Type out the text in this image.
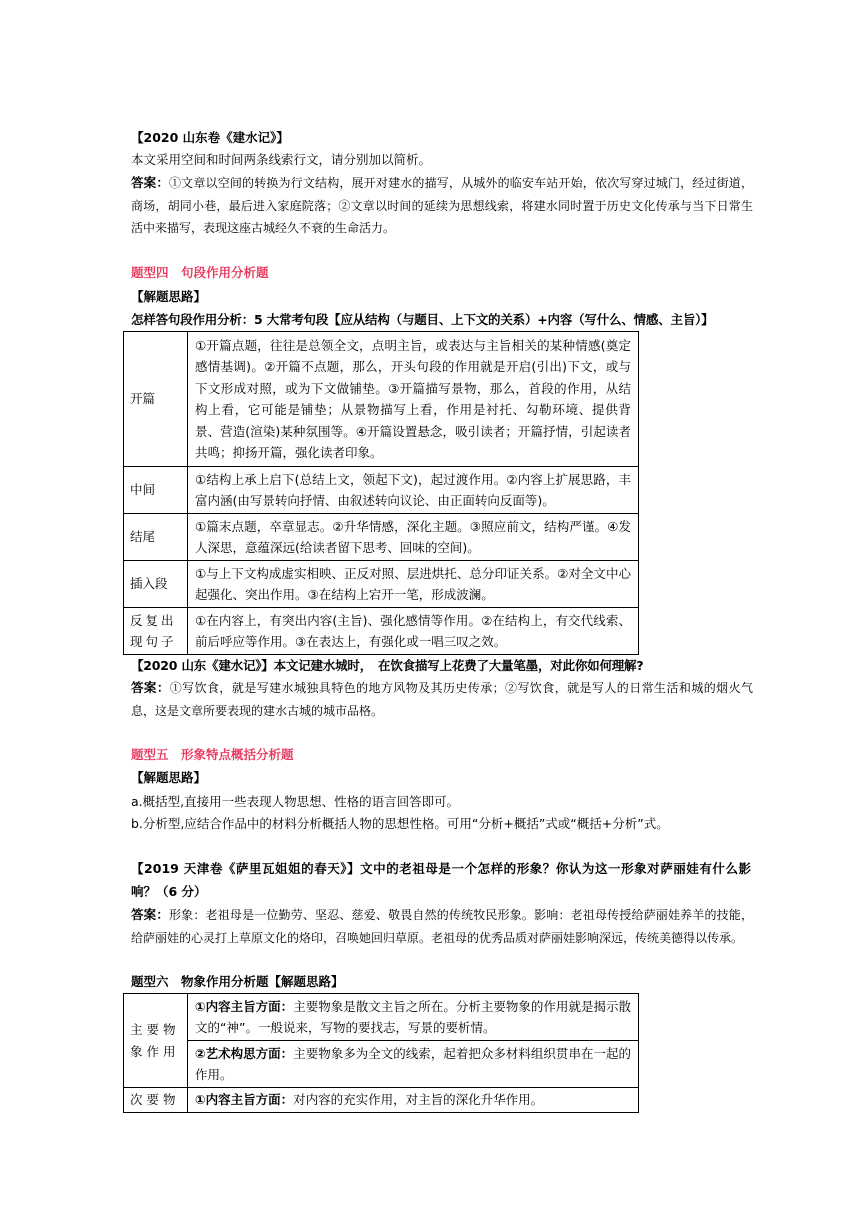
【2020 山东卷《建水记》】
本文采用空间和时间两条线索行文，请分别加以简析。
答案：①文章以空间的转换为行文结构，展开对建水的描写，从城外的临安车站开始，依次写穿过城门，经过街道，商场，胡同小巷，最后进入家庭院落；②文章以时间的延续为思想线索，将建水同时置于历史文化传承与当下日常生活中来描写，表现这座古城经久不衰的生命活力。
题型四　句段作用分析题
【解题思路】
怎样答句段作用分析：5 大常考句段【应从结构（与题目、上下文的关系）+内容（写什么、情感、主旨）】
开篇	①开篇点题，往往是总领全文，点明主旨，或表达与主旨相关的某种情感(奠定感情基调)。②开篇不点题，那么，开头句段的作用就是开启(引出)下文，或与下文形成对照，或为下文做铺垫。③开篇描写景物，那么，首段的作用，从结构上看，它可能是铺垫；从景物描写上看，作用是衬托、勾勒环境、提供背景、营造(渲染)某种氛围等。④开篇设置悬念，吸引读者；开篇抒情，引起读者共鸣；抑扬开篇，强化读者印象。
中间	①结构上承上启下(总结上文，领起下文)，起过渡作用。②内容上扩展思路，丰富内涵(由写景转向抒情、由叙述转向议论、由正面转向反面等)。
结尾	①篇末点题，卒章显志。②升华情感，深化主题。③照应前文，结构严谨。④发人深思，意蕴深远(给读者留下思考、回味的空间)。
插入段	①与上下文构成虚实相映、正反对照、层进烘托、总分印证关系。②对全文中心起强化、突出作用。③在结构上宕开一笔，形成波澜。
反复出现句子	①在内容上，有突出内容(主旨)、强化感情等作用。②在结构上，有交代线索、前后呼应等作用。③在表达上，有强化或一唱三叹之效。
【2020 山东《建水记》】本文记建水城时，　在饮食描写上花费了大量笔墨，对此你如何理解?
答案：①写饮食，就是写建水城独具特色的地方风物及其历史传承；②写饮食，就是写人的日常生活和城的烟火气息，这是文章所要表现的建水古城的城市品格。
题型五　形象特点概括分析题
【解题思路】
a.概括型,直接用一些表现人物思想、性格的语言回答即可。
b.分析型,应结合作品中的材料分析概括人物的思想性格。可用“分析+概括”式或“概括+分析”式。
【2019 天津卷《萨里瓦姐姐的春天》】文中的老祖母是一个怎样的形象？你认为这一形象对萨丽娃有什么影响？（6 分）
答案：形象：老祖母是一位勤劳、坚忍、慈爱、敬畏自然的传统牧民形象。影响：老祖母传授给萨丽娃养羊的技能，给萨丽娃的心灵打上草原文化的烙印，召唤她回归草原。老祖母的优秀品质对萨丽娃影响深远，传统美德得以传承。
题型六　物象作用分析题【解题思路】
主要物象作用	①内容主旨方面：主要物象是散文主旨之所在。分析主要物象的作用就是揭示散文的“神”。一般说来，写物的要找志，写景的要析情。
	②艺术构思方面：主要物象多为全文的线索，起着把众多材料组织贯串在一起的作用。
次要物	①内容主旨方面：对内容的充实作用，对主旨的深化升华作用。
